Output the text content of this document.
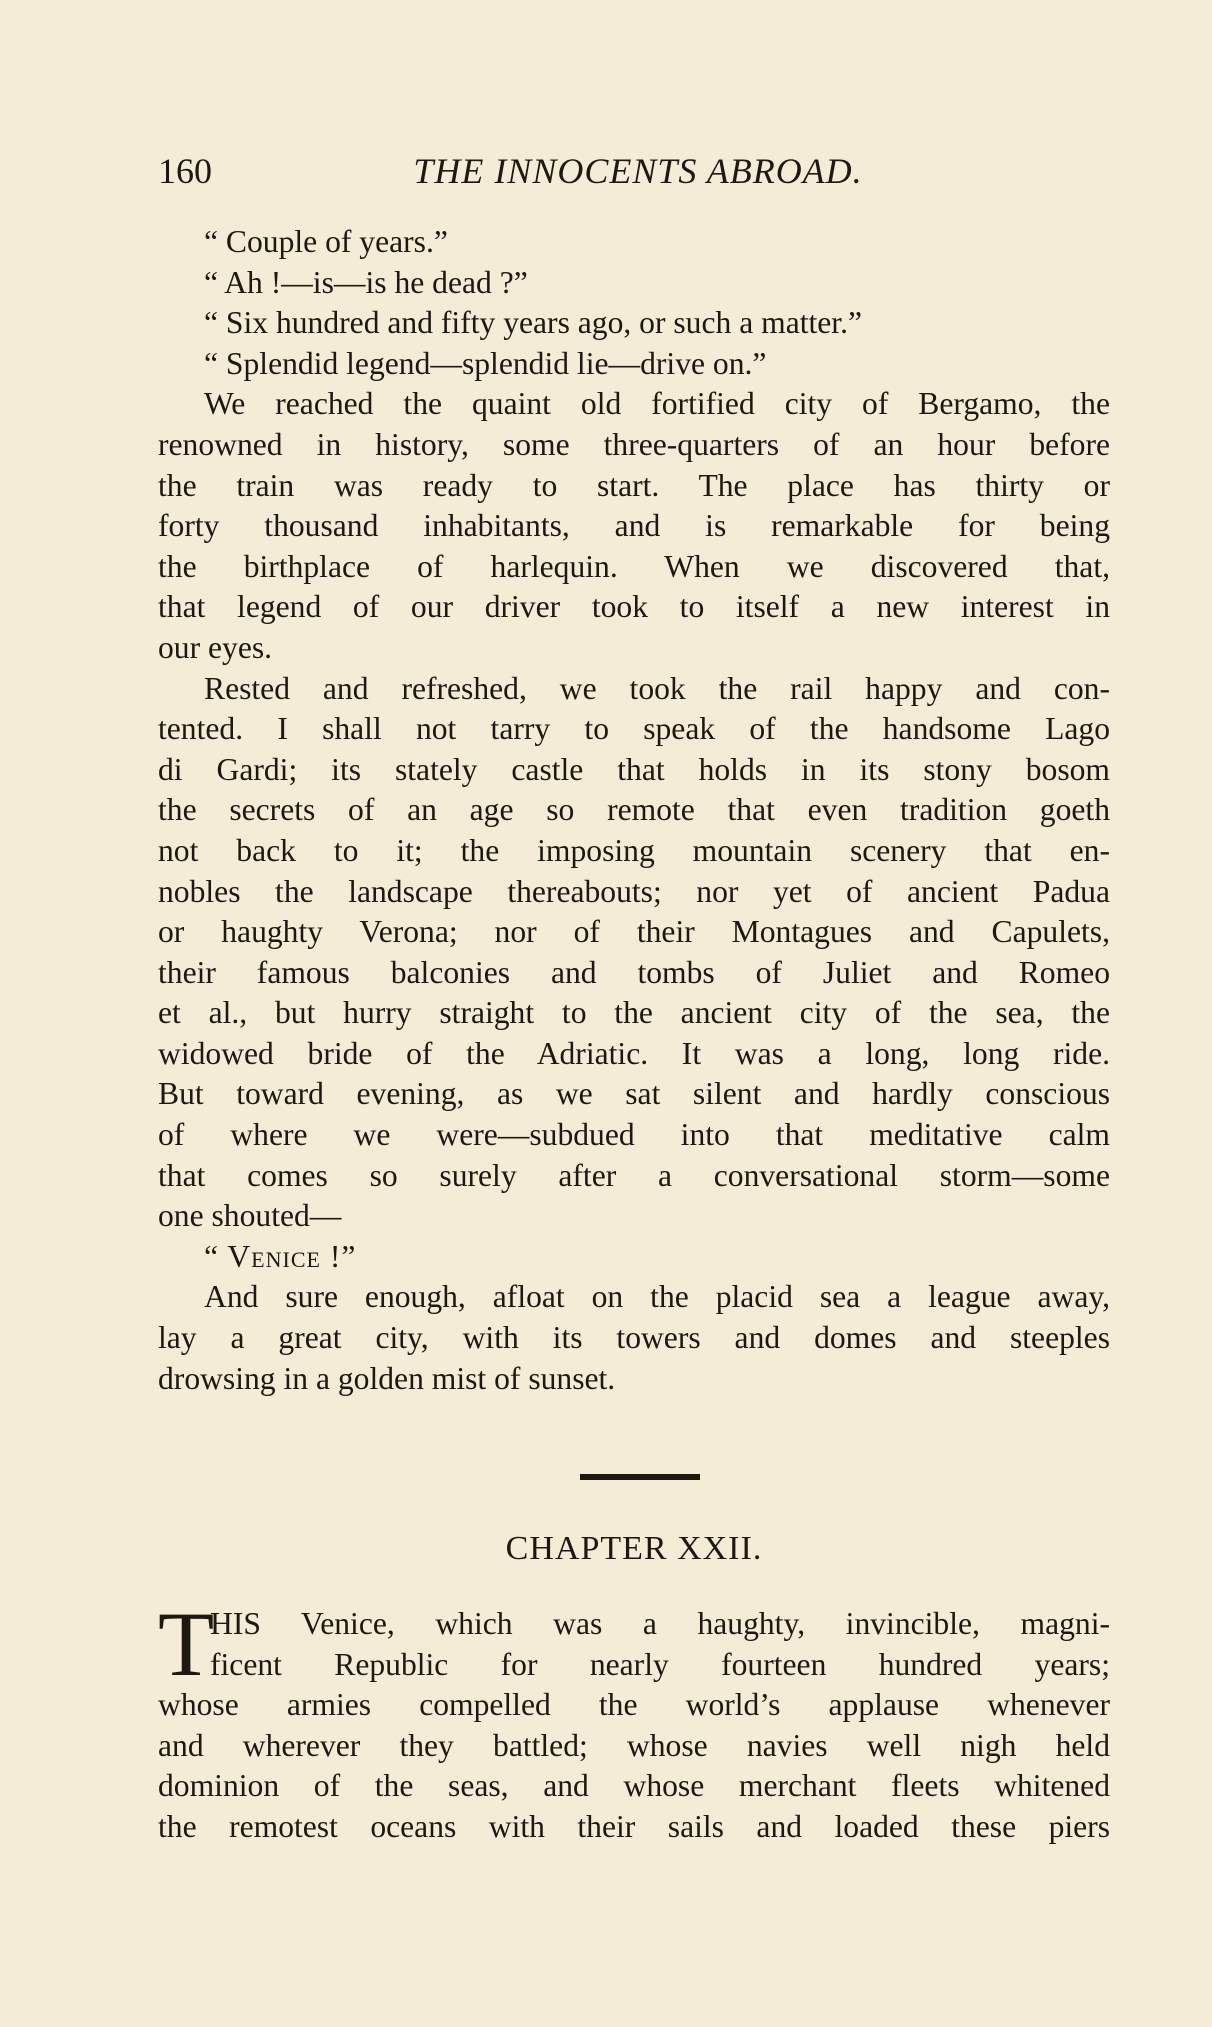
160	THE INNOCENTS ABROAD.
“ Couple of years.”
“ Ah !—is—is he dead ?”
“ Six hundred and fifty years ago, or such a matter.”
“ Splendid legend—splendid lie—drive on.”
We reached the quaint old fortified city of Bergamo, the
renowned in history, some three-quarters of an hour before
the train was ready to start. The place has thirty or
forty thousand inhabitants, and is remarkable for being
the birthplace of harlequin. When we discovered that,
that legend of our driver took to itself a new interest in
our eyes.
Rested and refreshed, we took the rail happy and con-
tented. I shall not tarry to speak of the handsome Lago
di Gardi; its stately castle that holds in its stony bosom
the secrets of an age so remote that even tradition goeth
not back to it; the imposing mountain scenery that en-
nobles the landscape thereabouts; nor yet of ancient Padua
or haughty Verona; nor of their Montagues and Capulets,
their famous balconies and tombs of Juliet and Romeo
et al., but hurry straight to the ancient city of the sea, the
widowed bride of the Adriatic. It was a long, long ride.
But toward evening, as we sat silent and hardly conscious
of where we were—subdued into that meditative calm
that comes so surely after a conversational storm—some
one shouted—
“ Venice !”
And sure enough, afloat on the placid sea a league away,
lay a great city, with its towers and domes and steeples
drowsing in a golden mist of sunset.
CHAPTER XXII.
T
HIS Venice, which was a haughty, invincible, magni-
ficent Republic for nearly fourteen hundred years;
whose armies compelled the world’s applause whenever
and wherever they battled; whose navies well nigh held
dominion of the seas, and whose merchant fleets whitened
the remotest oceans with their sails and loaded these piers
